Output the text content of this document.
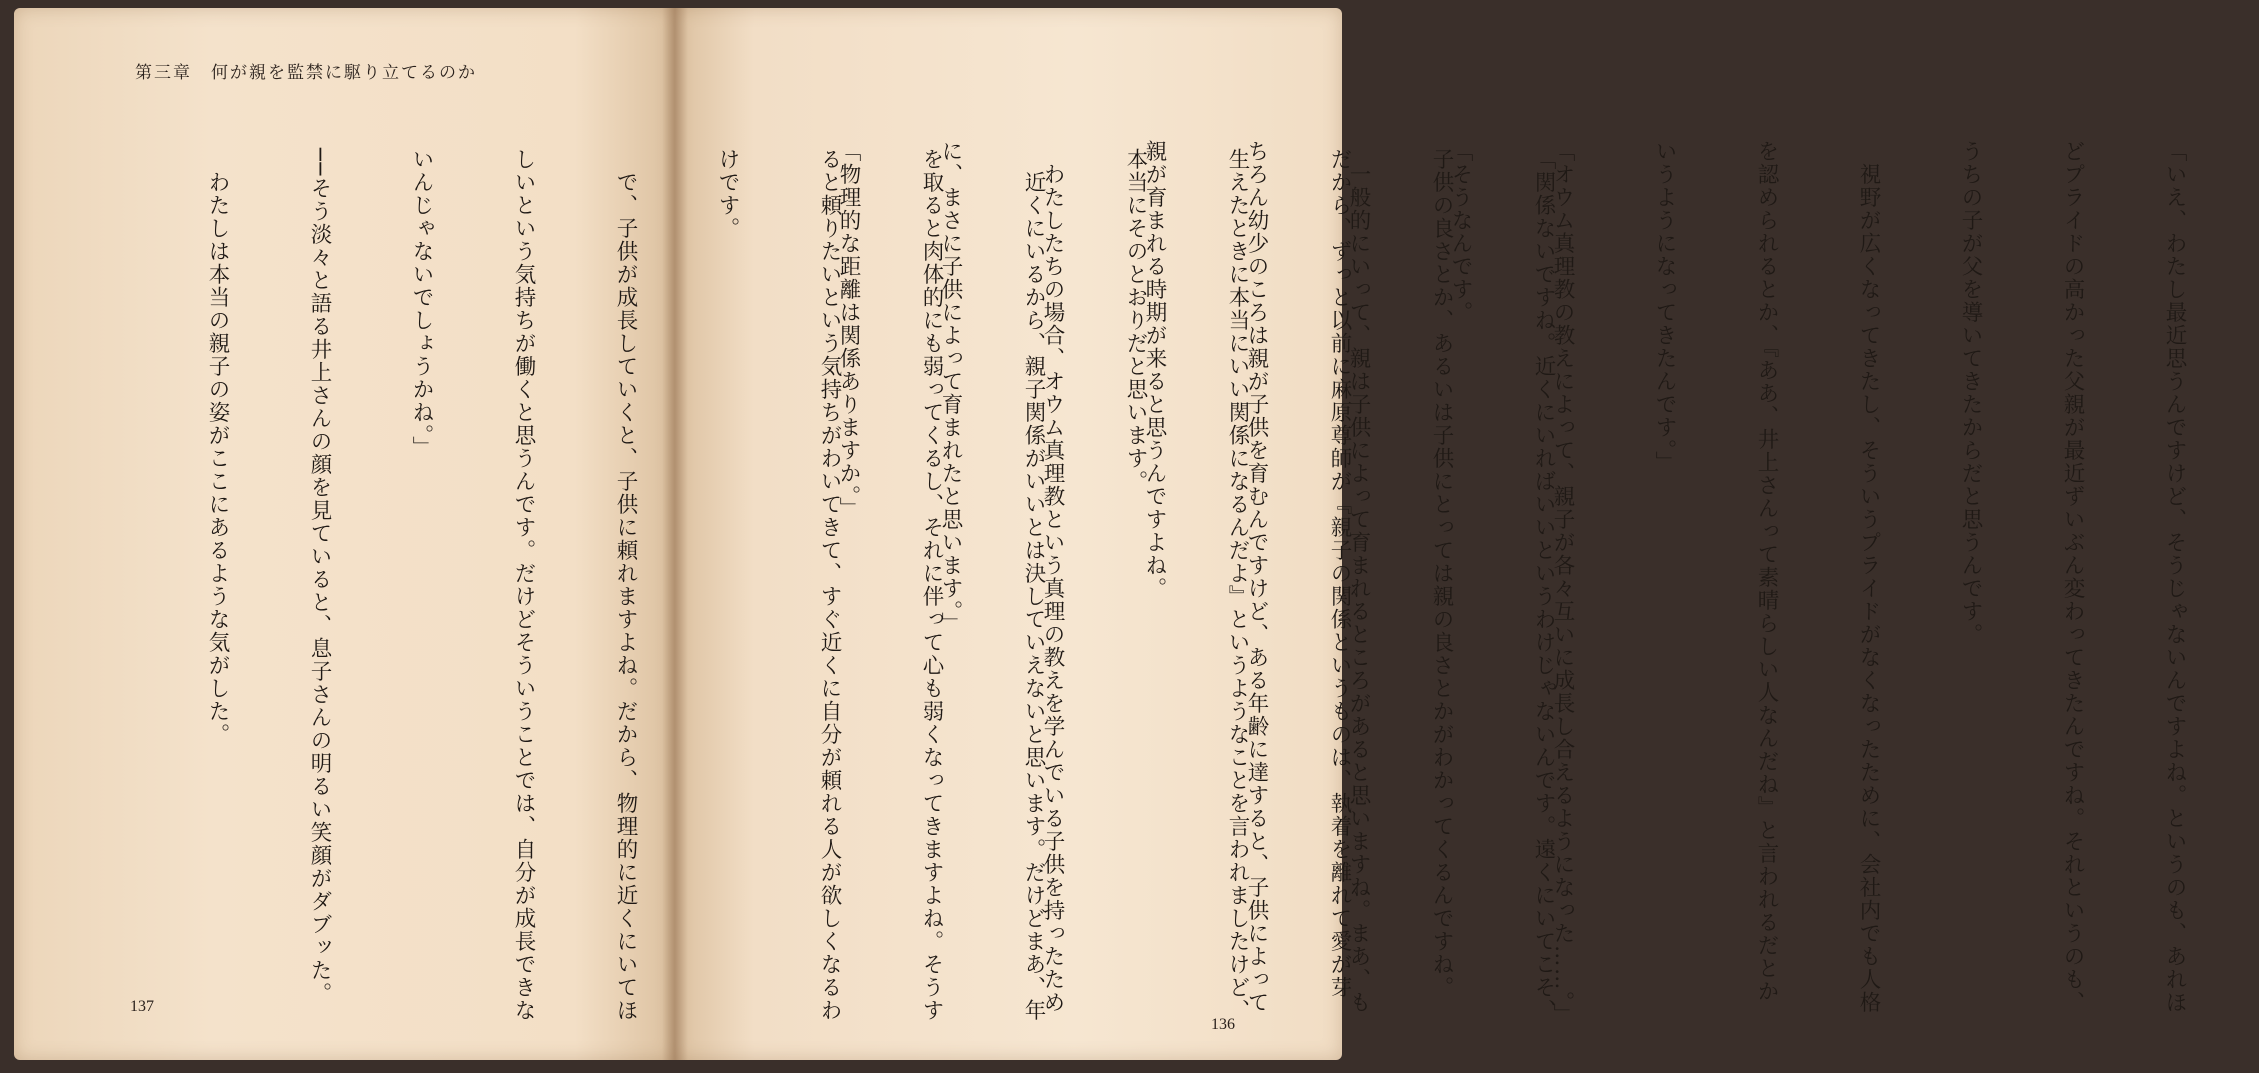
第三章　何が親を監禁に駆り立てるのか

「関係ないですね。近くにいればいいというわけじゃないんです。遠くにいてこそ、

子供の良さとか、あるいは子供にとっては親の良さとかがわかってくるんですね。

だから、ずっと以前に麻原尊師が『親子の関係というものは、執着を離れて愛が芽

生えたときに本当にいい関係になるんだよ』というようなことを言われましたけど、

本当にそのとおりだと思います。

　近くにいるから、親子関係がいいとは決していえないと思います。だけどまあ、年

を取ると肉体的にも弱ってくるし、それに伴って心も弱くなってきますよね。そうす

ると頼りたいという気持ちがわいてきて、すぐ近くに自分が頼れる人が欲しくなるわ

けです。

　で、子供が成長していくと、子供に頼れますよね。だから、物理的に近くにいてほ

しいという気持ちが働くと思うんです。だけどそういうことでは、自分が成長できな

いんじゃないでしょうかね。」

──そう淡々と語る井上さんの顔を見ていると、息子さんの明るい笑顔がダブッた。

　わたしは本当の親子の姿がここにあるような気がした。

	「いえ、わたし最近思うんですけど、そうじゃないんですよね。というのも、あれほ

どプライドの高かった父親が最近ずいぶん変わってきたんですね。それというのも、

うちの子が父を導いてきたからだと思うんです。

　視野が広くなってきたし、そういうプライドがなくなったために、会社内でも人格

を認められるとか、『ああ、井上さんって素晴らしい人なんだね』と言われるだとか

いうようになってきたんです。」

「オウム真理教の教えによって、親子が各々互いに成長し合えるようになった……。」

「そうなんです。

　一般的にいって、親は子供によって育まれるところがあると思いますね。まあ、も

ちろん幼少のころは親が子供を育むんですけど、ある年齢に達すると、子供によって

親が育まれる時期が来ると思うんですよね。

　わたしたちの場合、オウム真理教という真理の教えを学んでいる子供を持ったため

に、まさに子供によって育まれたと思います。」

「物理的な距離は関係ありますか。」

137
136
